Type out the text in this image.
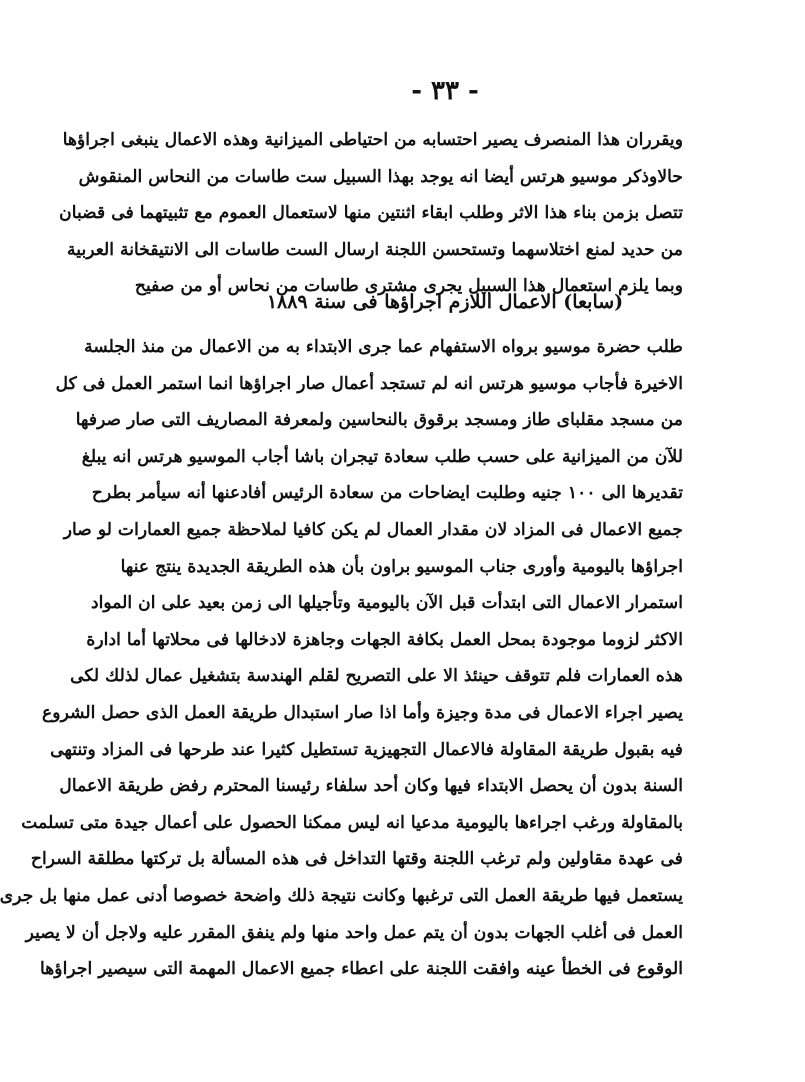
- ٣٣ -
ويقرران هذا المنصرف يصير احتسابه من احتياطى الميزانية وهذه الاعمال ينبغى اجراؤها
حالاوذكر موسيو هرتس أيضا انه يوجد بهذا السبيل ست طاسات من النحاس المنقوش
تتصل بزمن بناء هذا الاثر وطلب ابقاء اثنتين منها لاستعمال العموم مع تثبيتهما فى قضبان
من حديد لمنع اختلاسهما وتستحسن اللجنة ارسال الست طاسات الى الانتيقخانة العربية
وبما يلزم استعمال هذا السبيل يجرى مشترى طاسات من نحاس أو من صفيح
(سابعا) الاعمال اللازم اجراؤها فى سنة ١٨٨٩
طلب حضرة موسيو برواه الاستفهام عما جرى الابتداء به من الاعمال من منذ الجلسة
الاخيرة فأجاب موسيو هرتس انه لم تستجد أعمال صار اجراؤها انما استمر العمل فى كل
من مسجد مقلباى طاز ومسجد برقوق بالنحاسين ولمعرفة المصاريف التى صار صرفها
للآن من الميزانية على حسب طلب سعادة تيجران باشا أجاب الموسيو هرتس انه يبلغ
تقديرها الى ١٠٠ جنيه وطلبت ايضاحات من سعادة الرئيس أفادعنها أنه سيأمر بطرح
جميع الاعمال فى المزاد لان مقدار العمال لم يكن كافيا لملاحظة جميع العمارات لو صار
اجراؤها باليومية وأورى جناب الموسيو براون بأن هذه الطريقة الجديدة ينتج عنها
استمرار الاعمال التى ابتدأت قبل الآن باليومية وتأجيلها الى زمن بعيد على ان المواد
الاكثر لزوما موجودة بمحل العمل بكافة الجهات وجاهزة لادخالها فى محلاتها أما ادارة
هذه العمارات فلم تتوقف حينئذ الا على التصريح لقلم الهندسة بتشغيل عمال لذلك لكى
يصير اجراء الاعمال فى مدة وجيزة وأما اذا صار استبدال طريقة العمل الذى حصل الشروع
فيه بقبول طريقة المقاولة فالاعمال التجهيزية تستطيل كثيرا عند طرحها فى المزاد وتنتهى
السنة بدون أن يحصل الابتداء فيها وكان أحد سلفاء رئيسنا المحترم رفض طريقة الاعمال
بالمقاولة ورغب اجراءها باليومية مدعيا انه ليس ممكنا الحصول على أعمال جيدة متى تسلمت
فى عهدة مقاولين ولم ترغب اللجنة وقتها التداخل فى هذه المسألة بل تركتها مطلقة السراح
يستعمل فيها طريقة العمل التى ترغبها وكانت نتيجة ذلك واضحة خصوصا أدنى عمل منها بل جرى
العمل فى أغلب الجهات بدون أن يتم عمل واحد منها ولم ينفق المقرر عليه ولاجل أن لا يصير
الوقوع فى الخطأ عينه وافقت اللجنة على اعطاء جميع الاعمال المهمة التى سيصير اجراؤها
